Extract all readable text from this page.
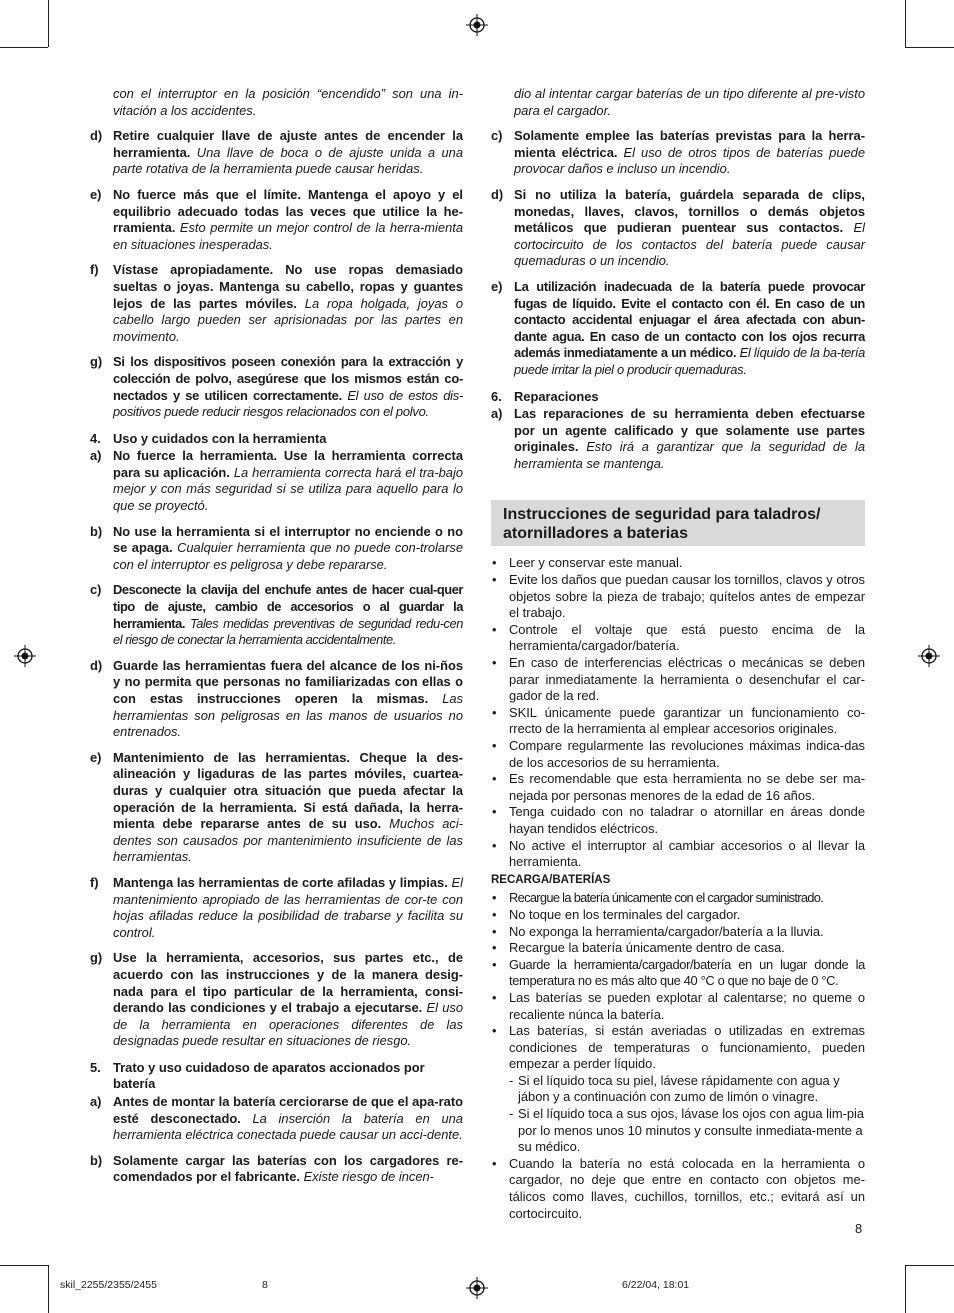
con el interruptor en la posición “encendido” son una in-vitación a los accidentes.

d) Retire cualquier llave de ajuste antes de encender la herramienta. Una llave de boca o de ajuste unida a una parte rotativa de la herramienta puede causar heridas.

e) No fuerce más que el límite. Mantenga el apoyo y el equilibrio adecuado todas las veces que utilice la he-rramienta. Esto permite un mejor control de la herra-mienta en situaciones inesperadas.

f)	Vístase apropiadamente. No use ropas demasiado sueltas o joyas. Mantenga su cabello, ropas y guantes lejos de las partes móviles. La ropa holgada, joyas o cabello largo pueden ser aprisionadas por las partes en movimento.

g) Si los dispositivos poseen conexión para la extracción y colección de polvo, asegúrese que los mismos están co-nectados y se utilicen correctamente. El uso de estos dis-positivos puede reducir riesgos relacionados con el polvo.

4. Uso y cuidados con la herramienta
a) No fuerce la herramienta. Use la herramienta correcta para su aplicación. La herramienta correcta hará el tra-bajo mejor y con más seguridad si se utiliza para aquello para lo que se proyectó.

b) No use la herramienta si el interruptor no enciende o no se apaga. Cualquier herramienta que no puede con-trolarse con el interruptor es peligrosa y debe repararse.

c) Desconecte la clavija del enchufe antes de hacer cual-quer tipo de ajuste, cambio de accesorios o al guardar la herramienta. Tales medidas preventivas de seguridad redu-cen el riesgo de conectar la herramienta accidentalmente.

d) Guarde las herramientas fuera del alcance de los ni-ños y no permita que personas no familiarizadas con ellas o con estas instrucciones operen la mismas. Las herramientas son peligrosas en las manos de usuarios no entrenados.

e) Mantenimiento de las herramientas. Cheque la des-alineación y ligaduras de las partes móviles, cuartea-duras y cualquier otra situación que pueda afectar la operación de la herramienta. Si está dañada, la herra-mienta debe repararse antes de su uso. Muchos aci-dentes son causados por mantenimiento insuficiente de las herramientas.

f)	Mantenga las herramientas de corte afiladas y limpias. El mantenimiento apropiado de las herramientas de cor-te con hojas afiladas reduce la posibilidad de trabarse y facilita su control.

g) Use la herramienta, accesorios, sus partes etc., de acuerdo con las instrucciones y de la manera desig-nada para el tipo particular de la herramienta, consi-derando las condiciones y el trabajo a ejecutarse. El uso de la herramienta en operaciones diferentes de las designadas puede resultar en situaciones de riesgo.

5. Trato y uso cuidadoso de aparatos accionados por batería
a) Antes de montar la batería cerciorarse de que el apa-rato esté desconectado. La inserción la batería en una herramienta eléctrica conectada puede causar un acci-dente.

b) Solamente cargar las baterías con los cargadores re-comendados por el fabricante. Existe riesgo de incen-

dio al intentar cargar baterías de un tipo diferente al pre-visto para el cargador.

c) Solamente emplee las baterías previstas para la herra-mienta eléctrica. El uso de otros tipos de baterías puede provocar daños e incluso un incendio.

d) Si no utiliza la batería, guárdela separada de clips, monedas, llaves, clavos, tornillos o demás objetos metálicos que pudieran puentear sus contactos. El cortocircuito de los contactos del batería puede causar quemaduras o un incendio.

e) La utilización inadecuada de la batería puede provocar fugas de líquido. Evite el contacto con él. En caso de un contacto accidental enjuagar el área afectada con abun-dante agua. En caso de un contacto con los ojos recurra además inmediatamente a un médico. El líquido de la ba-tería puede irritar la piel o producir quemaduras.

6. Reparaciones
a) Las reparaciones de su herramienta deben efectuarse por un agente calificado y que solamente use partes originales. Esto irá a garantizar que la seguridad de la herramienta se mantenga.

Instrucciones de seguridad para taladros/ atornilladores a baterias
• Leer y conservar este manual.
• Evite los daños que puedan causar los tornillos, clavos y otros objetos sobre la pieza de trabajo; quítelos antes de empezar el trabajo.
• Controle el voltaje que está puesto encima de la herramienta/cargador/batería.
• En caso de interferencias eléctricas o mecánicas se deben parar inmediatamente la herramienta o desenchufar el car-gador de la red.
• SKIL únicamente puede garantizar un funcionamiento co-rrecto de la herramienta al emplear accesorios originales.
• Compare regularmente las revoluciones máximas indica-das de los accesorios de su herramienta.
• Es recomendable que esta herramienta no se debe ser ma-nejada por personas menores de la edad de 16 años.
• Tenga cuidado con no taladrar o atornillar en áreas donde hayan tendidos eléctricos.
• No active el interruptor al cambiar accesorios o al llevar la herramienta.
RECARGA/BATERÍAS
• Recargue la batería únicamente con el cargador suministrado.
• No toque en los terminales del cargador.
• No exponga la herramienta/cargador/batería a la lluvia.
• Recargue la batería únicamente dentro de casa.
• Guarde la herramienta/cargador/batería en un lugar donde la temperatura no es más alto que 40 °C o que no baje de 0 °C.
• Las baterías se pueden explotar al calentarse; no queme o recaliente núnca la batería.
• Las baterías, si están averiadas o utilizadas en extremas condiciones de temperaturas o funcionamiento, pueden empezar a perder líquido.
- Si el líquido toca su piel, lávese rápidamente con agua y jábon y a continuación con zumo de limón o vinagre.
- Si el líquido toca a sus ojos, lávase los ojos con agua lim-pia por lo menos unos 10 minutos y consulte inmediata-mente a su médico.
• Cuando la batería no está colocada en la herramienta o cargador, no deje que entre en contacto con objetos me-tálicos como llaves, cuchillos, tornillos, etc.; evitará así un cortocircuito.
8
skil_2255/2355/2455	8	6/22/04, 18:01
